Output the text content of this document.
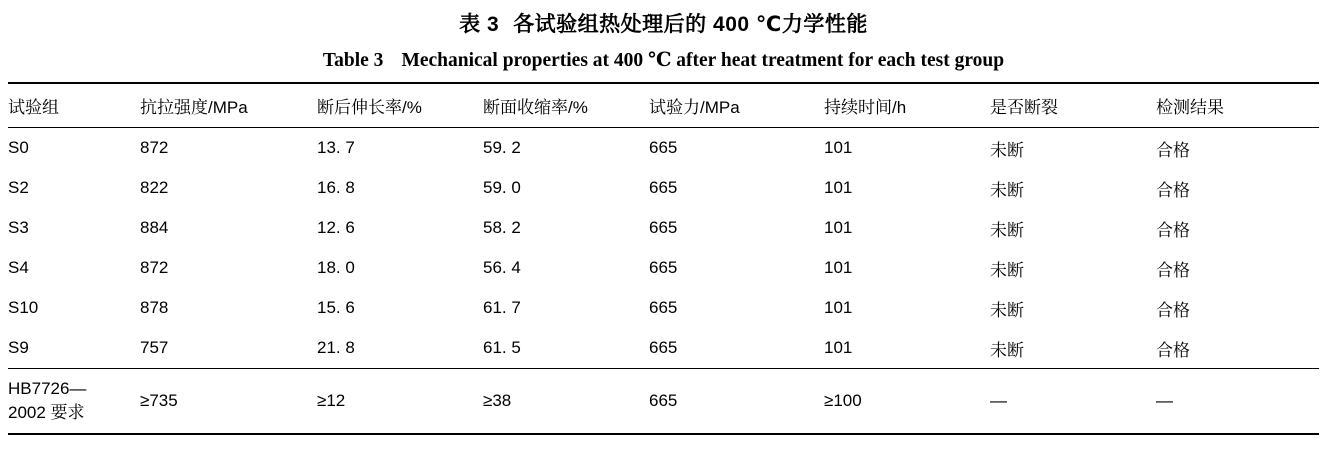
表 3 各试验组热处理后的 400 ℃力学性能
Table 3 Mechanical properties at 400 ℃ after heat treatment for each test group
试验组	抗拉强度/MPa	断后伸长率/%	断面收缩率/%	试验力/MPa	持续时间/h	是否断裂	检测结果
S0	872	13. 7	59. 2	665	101	未断	合格
S2	822	16. 8	59. 0	665	101	未断	合格
S3	884	12. 6	58. 2	665	101	未断	合格
S4	872	18. 0	56. 4	665	101	未断	合格
S10	878	15. 6	61. 7	665	101	未断	合格
S9	757	21. 8	61. 5	665	101	未断	合格

HB7726—
2002 要求	≥735	≥12	≥38	665	≥100	—	—
